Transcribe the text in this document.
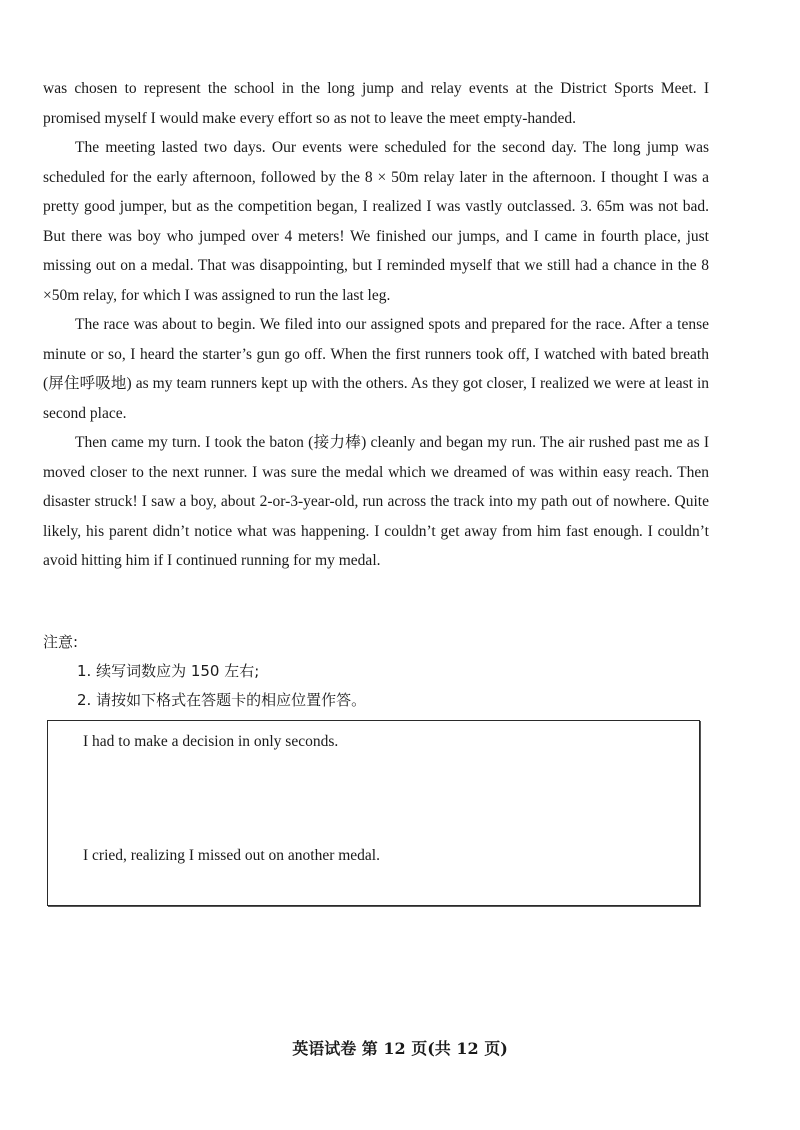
was chosen to represent the school in the long jump and relay events at the District Sports Meet. I promised myself I would make every effort so as not to leave the meet empty-handed.

The meeting lasted two days. Our events were scheduled for the second day. The long jump was scheduled for the early afternoon, followed by the 8 × 50m relay later in the afternoon. I thought I was a pretty good jumper, but as the competition began, I realized I was vastly outclassed. 3. 65m was not bad. But there was boy who jumped over 4 meters! We finished our jumps, and I came in fourth place, just missing out on a medal. That was disappointing, but I reminded myself that we still had a chance in the 8 ×50m relay, for which I was assigned to run the last leg.

The race was about to begin. We filed into our assigned spots and prepared for the race. After a tense minute or so, I heard the starter’s gun go off. When the first runners took off, I watched with bated breath (屏住呼吸地) as my team runners kept up with the others. As they got closer, I realized we were at least in second place.

Then came my turn. I took the baton (接力棒) cleanly and began my run. The air rushed past me as I moved closer to the next runner. I was sure the medal which we dreamed of was within easy reach. Then disaster struck! I saw a boy, about 2-or-3-year-old, run across the track into my path out of nowhere. Quite likely, his parent didn’t notice what was happening. I couldn’t get away from him fast enough. I couldn’t avoid hitting him if I continued running for my medal.

注意:

1. 续写词数应为 150 左右;

2. 请按如下格式在答题卡的相应位置作答。

I had to make a decision in only seconds.
I cried, realizing I missed out on another medal.
英语试卷 第 12 页(共 12 页)
